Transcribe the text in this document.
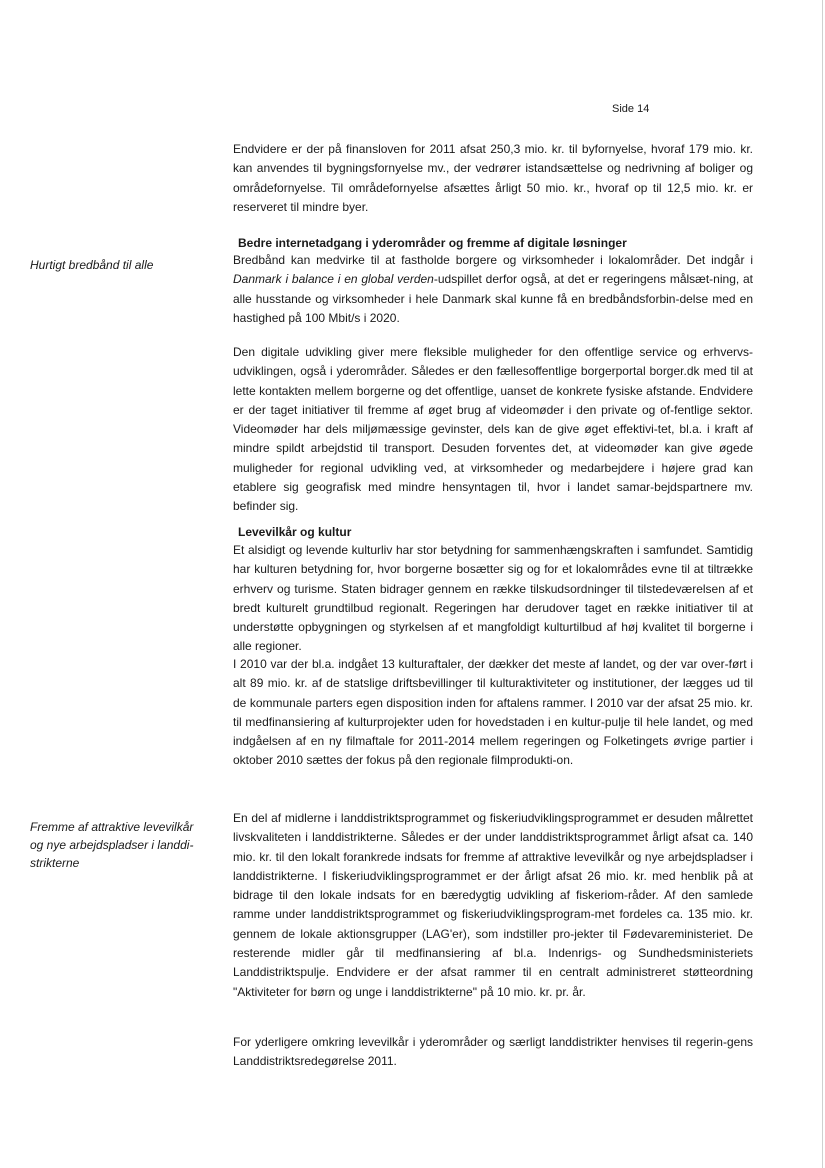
Side 14
Hurtigt bredbånd til alle
Fremme af attraktive levevilkår og nye arbejdspladser i landdi-strikterne

Endvidere er der på finansloven for 2011 afsat 250,3 mio. kr. til byfornyelse, hvoraf 179 mio. kr. kan anvendes til bygningsfornyelse mv., der vedrører istandsættelse og nedrivning af boliger og områdefornyelse. Til områdefornyelse afsættes årligt 50 mio. kr., hvoraf op til 12,5 mio. kr. er reserveret til mindre byer.

Bedre internetadgang i yderområder og fremme af digitale løsninger

Bredbånd kan medvirke til at fastholde borgere og virksomheder i lokalområder. Det indgår i Danmark i balance i en global verden-udspillet derfor også, at det er regeringens målsæt-ning, at alle husstande og virksomheder i hele Danmark skal kunne få en bredbåndsforbin-delse med en hastighed på 100 Mbit/s i 2020.

Den digitale udvikling giver mere fleksible muligheder for den offentlige service og erhvervs-udviklingen, også i yderområder. Således er den fællesoffentlige borgerportal borger.dk med til at lette kontakten mellem borgerne og det offentlige, uanset de konkrete fysiske afstande. Endvidere er der taget initiativer til fremme af øget brug af videomøder i den private og of-fentlige sektor. Videomøder har dels miljømæssige gevinster, dels kan de give øget effektivi-tet, bl.a. i kraft af mindre spildt arbejdstid til transport. Desuden forventes det, at videomøder kan give øgede muligheder for regional udvikling ved, at virksomheder og medarbejdere i højere grad kan etablere sig geografisk med mindre hensyntagen til, hvor i landet samar-bejdspartnere mv. befinder sig.

Levevilkår og kultur

Et alsidigt og levende kulturliv har stor betydning for sammenhængskraften i samfundet. Samtidig har kulturen betydning for, hvor borgerne bosætter sig og for et lokalområdes evne til at tiltrække erhverv og turisme. Staten bidrager gennem en række tilskudsordninger til tilstedeværelsen af et bredt kulturelt grundtilbud regionalt. Regeringen har derudover taget en række initiativer til at understøtte opbygningen og styrkelsen af et mangfoldigt kulturtilbud af høj kvalitet til borgerne i alle regioner.

I 2010 var der bl.a. indgået 13 kulturaftaler, der dækker det meste af landet, og der var over-ført i alt 89 mio. kr. af de statslige driftsbevillinger til kulturaktiviteter og institutioner, der lægges ud til de kommunale parters egen disposition inden for aftalens rammer. I 2010 var der afsat 25 mio. kr. til medfinansiering af kulturprojekter uden for hovedstaden i en kultur-pulje til hele landet, og med indgåelsen af en ny filmaftale for 2011-2014 mellem regeringen og Folketingets øvrige partier i oktober 2010 sættes der fokus på den regionale filmprodukti-on.

En del af midlerne i landdistriktsprogrammet og fiskeriudviklingsprogrammet er desuden målrettet livskvaliteten i landdistrikterne. Således er der under landdistriktsprogrammet årligt afsat ca. 140 mio. kr. til den lokalt forankrede indsats for fremme af attraktive levevilkår og nye arbejdspladser i landdistrikterne. I fiskeriudviklingsprogrammet er der årligt afsat 26 mio. kr. med henblik på at bidrage til den lokale indsats for en bæredygtig udvikling af fiskeriom-råder. Af den samlede ramme under landdistriktsprogrammet og fiskeriudviklingsprogram-met fordeles ca. 135 mio. kr. gennem de lokale aktionsgrupper (LAG'er), som indstiller pro-jekter til Fødevareministeriet. De resterende midler går til medfinansiering af bl.a. Indenrigs- og Sundhedsministeriets Landdistriktspulje. Endvidere er der afsat rammer til en centralt administreret støtteordning "Aktiviteter for børn og unge i landdistrikterne" på 10 mio. kr. pr. år.

For yderligere omkring levevilkår i yderområder og særligt landdistrikter henvises til regerin-gens Landdistriktsredegørelse 2011.
